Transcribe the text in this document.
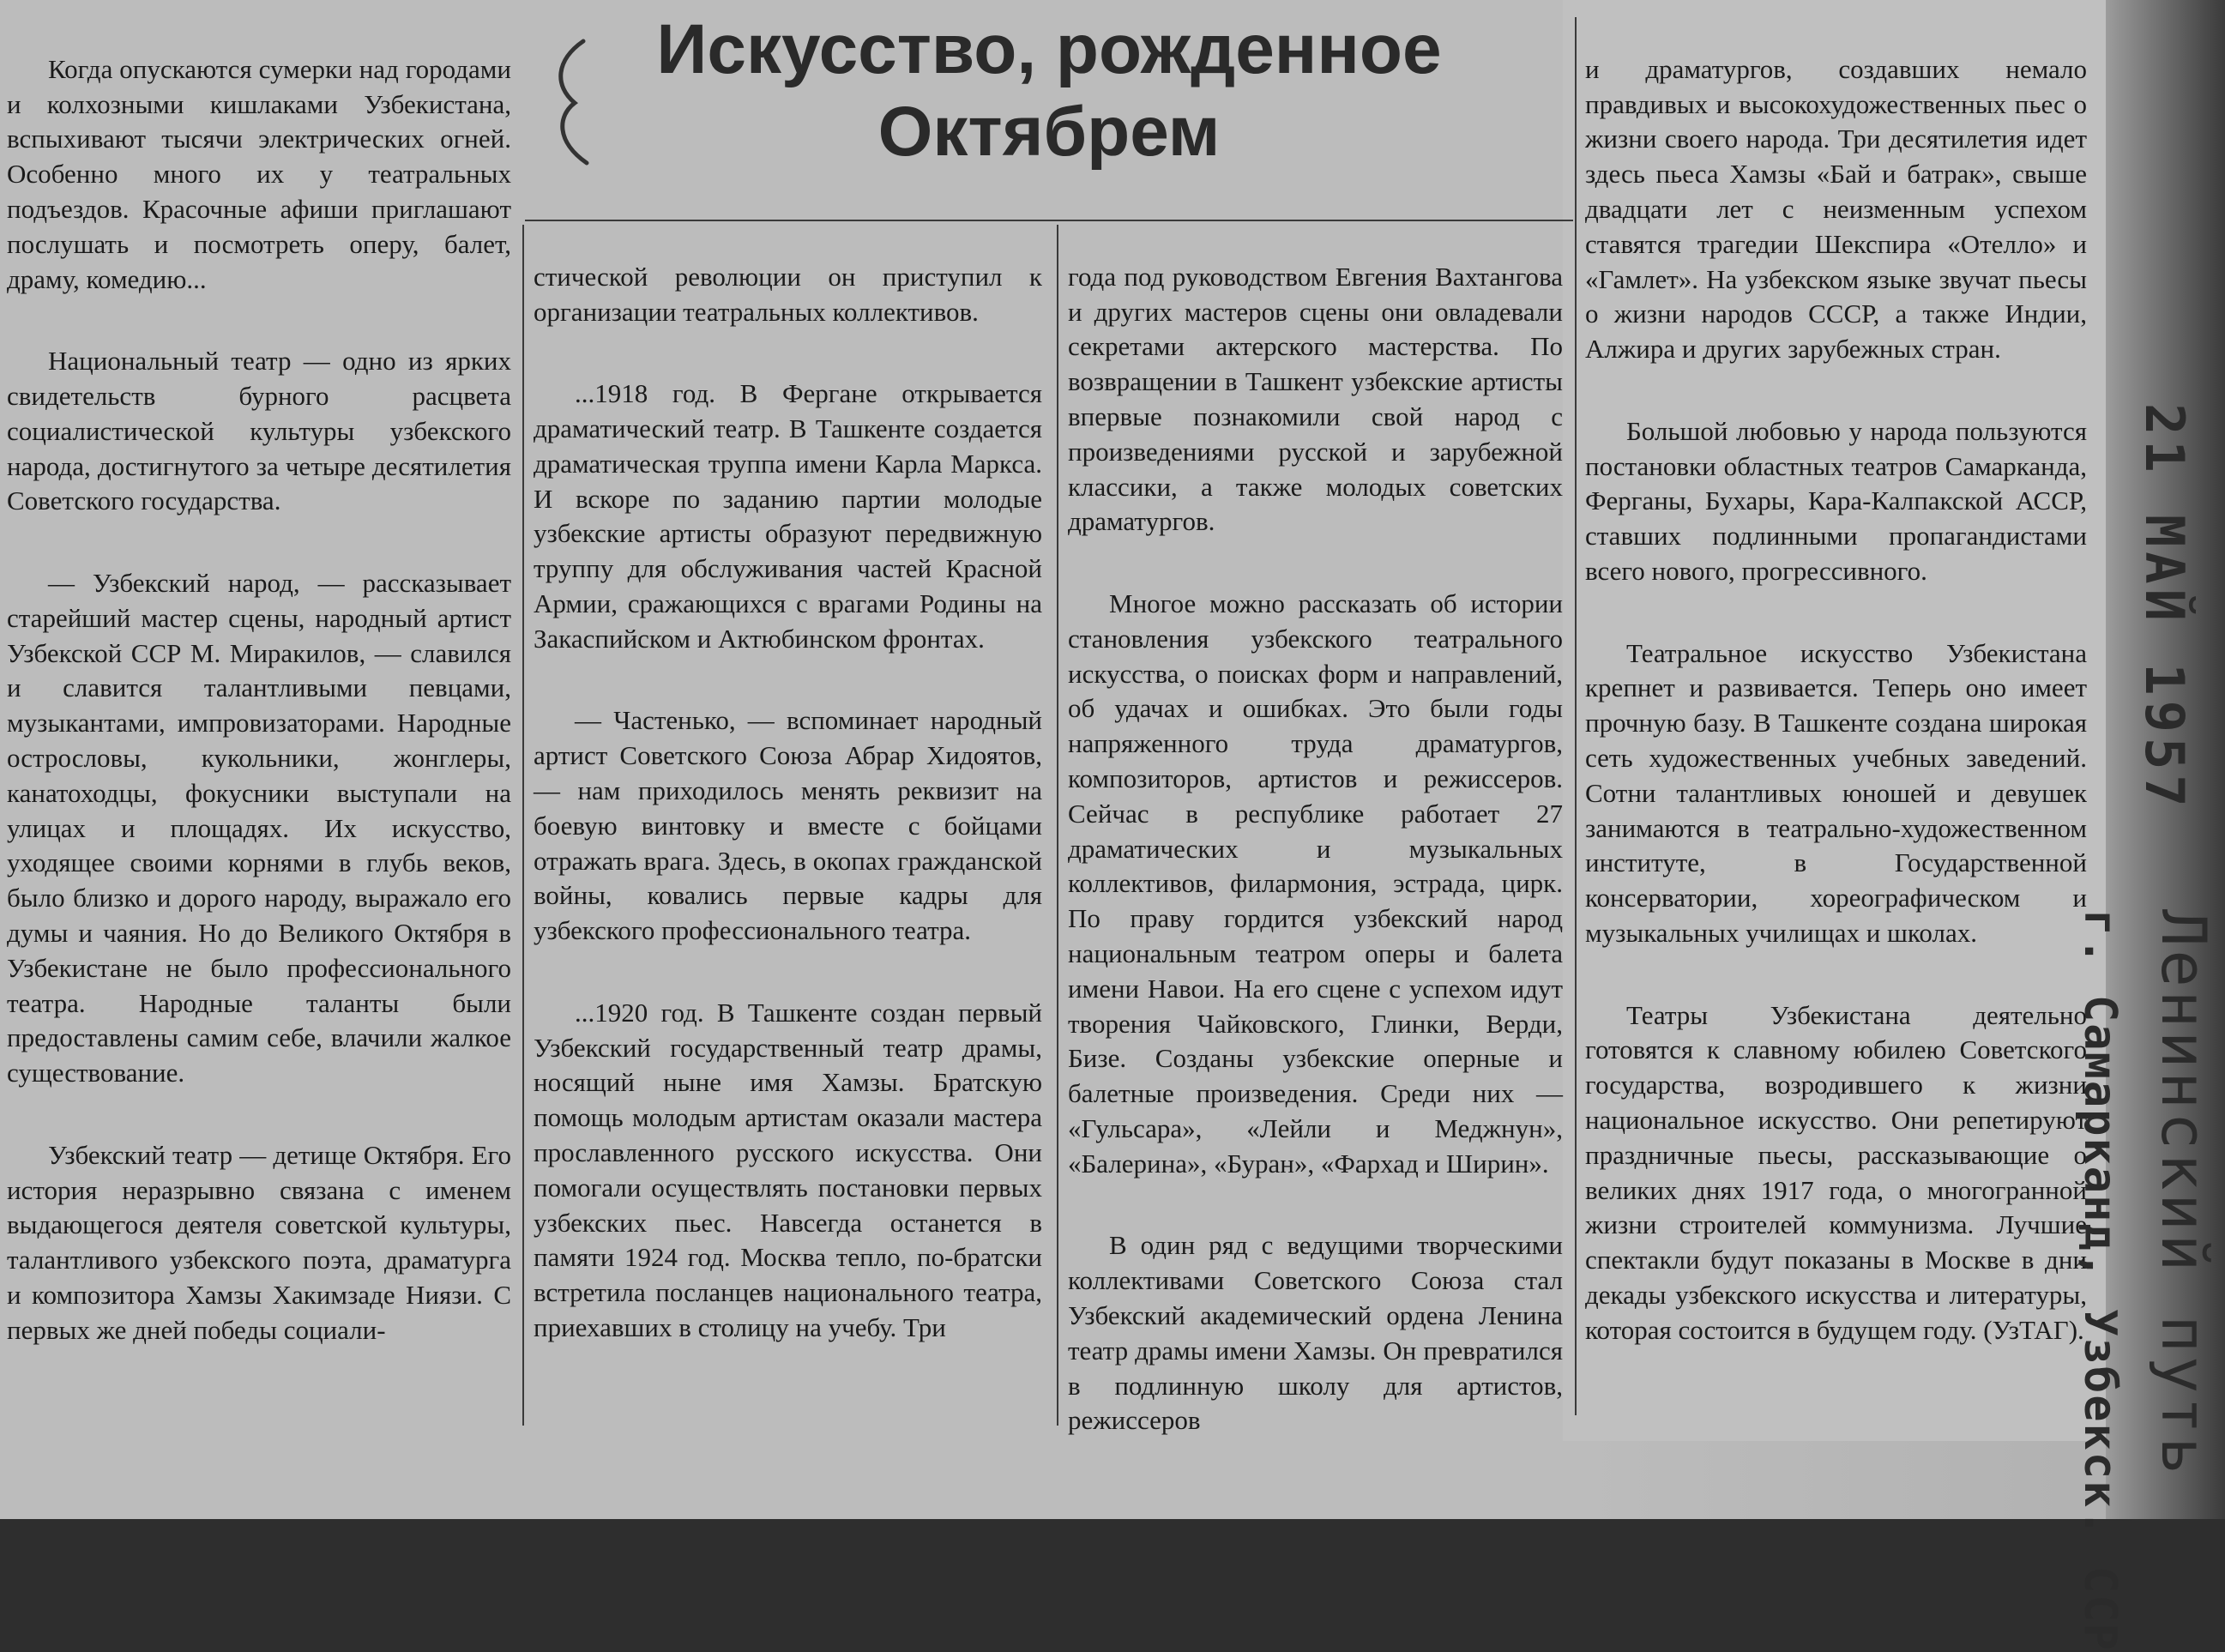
Искусство, рожденное Октябрем

Когда опускаются сумерки над городами и колхозными кишлаками Узбекистана, вспыхивают тысячи электрических огней. Особенно много их у театральных подъездов. Красочные афиши приглашают послушать и посмотреть оперу, балет, драму, комедию...

Национальный театр — одно из ярких свидетельств бурного расцвета социалистической культуры узбекского народа, достигнутого за четыре десятилетия Советского государства.

— Узбекский народ, — рассказывает старейший мастер сцены, народный артист Узбекской ССР М. Миракилов, — славился и славится талантливыми певцами, музыкантами, импровизаторами. Народные острословы, кукольники, жонглеры, канатоходцы, фокусники выступали на улицах и площадях. Их искусство, уходящее своими корнями в глубь веков, было близко и дорого народу, выражало его думы и чаяния. Но до Великого Октября в Узбекистане не было профессионального театра. Народные таланты были предоставлены самим себе, влачили жалкое существование.

Узбекский театр — детище Октября. Его история неразрывно связана с именем выдающегося деятеля советской культуры, талантливого узбекского поэта, драматурга и композитора Хамзы Хакимзаде Ниязи. С первых же дней победы социали-

стической революции он приступил к организации театральных коллективов.

...1918 год. В Фергане открывается драматический театр. В Ташкенте создается драматическая труппа имени Карла Маркса. И вскоре по заданию партии молодые узбекские артисты образуют передвижную труппу для обслуживания частей Красной Армии, сражающихся с врагами Родины на Закаспийском и Актюбинском фронтах.

— Частенько, — вспоминает народный артист Советского Союза Абрар Хидоятов, — нам приходилось менять реквизит на боевую винтовку и вместе с бойцами отражать врага. Здесь, в окопах гражданской войны, ковались первые кадры для узбекского профессионального театра.

...1920 год. В Ташкенте создан первый Узбекский государственный театр драмы, носящий ныне имя Хамзы. Братскую помощь молодым артистам оказали мастера прославленного русского искусства. Они помогали осуществлять постановки первых узбекских пьес. Навсегда останется в памяти 1924 год. Москва тепло, по-братски встретила посланцев национального театра, приехавших в столицу на учебу. Три

года под руководством Евгения Вахтангова и других мастеров сцены они овладевали секретами актерского мастерства. По возвращении в Ташкент узбекские артисты впервые познакомили свой народ с произведениями русской и зарубежной классики, а также молодых советских драматургов.

Многое можно рассказать об истории становления узбекского театрального искусства, о поисках форм и направлений, об удачах и ошибках. Это были годы напряженного труда драматургов, композиторов, артистов и режиссеров. Сейчас в республике работает 27 драматических и музыкальных коллективов, филармония, эстрада, цирк. По праву гордится узбекский народ национальным театром оперы и балета имени Навои. На его сцене с успехом идут творения Чайковского, Глинки, Верди, Бизе. Созданы узбекские оперные и балетные произведения. Среди них — «Гульсара», «Лейли и Меджнун», «Балерина», «Буран», «Фархад и Ширин».

В один ряд с ведущими творческими коллективами Советского Союза стал Узбекский академический ордена Ленина театр драмы имени Хамзы. Он превратился в подлинную школу для артистов, режиссеров

и драматургов, создавших немало правдивых и высокохудожественных пьес о жизни своего народа. Три десятилетия идет здесь пьеса Хамзы «Бай и батрак», свыше двадцати лет с неизменным успехом ставятся трагедии Шекспира «Отелло» и «Гамлет». На узбекском языке звучат пьесы о жизни народов СССР, а также Индии, Алжира и других зарубежных стран.

Большой любовью у народа пользуются постановки областных театров Самарканда, Ферганы, Бухары, Кара-Калпакской АССР, ставших подлинными пропагандистами всего нового, прогрессивного.

Театральное искусство Узбекистана крепнет и развивается. Теперь оно имеет прочную базу. В Ташкенте создана широкая сеть художественных учебных заведений. Сотни талантливых юношей и девушек занимаются в театрально-художественном институте, в Государственной консерватории, хореографическом и музыкальных училищах и школах.

Театры Узбекистана деятельно готовятся к славному юбилею Советского государства, возродившего к жизни национальное искусство. Они репетируют праздничные пьесы, рассказывающие о великих днях 1917 года, о многогранной жизни строителей коммунизма. Лучшие спектакли будут показаны в Москве в дни декады узбекского искусства и литературы, которая состоится в будущем году. (УзТАГ).

21 МАЙ 1957
Ленинский путь
г. Самарканд, Узбекск. ССР
